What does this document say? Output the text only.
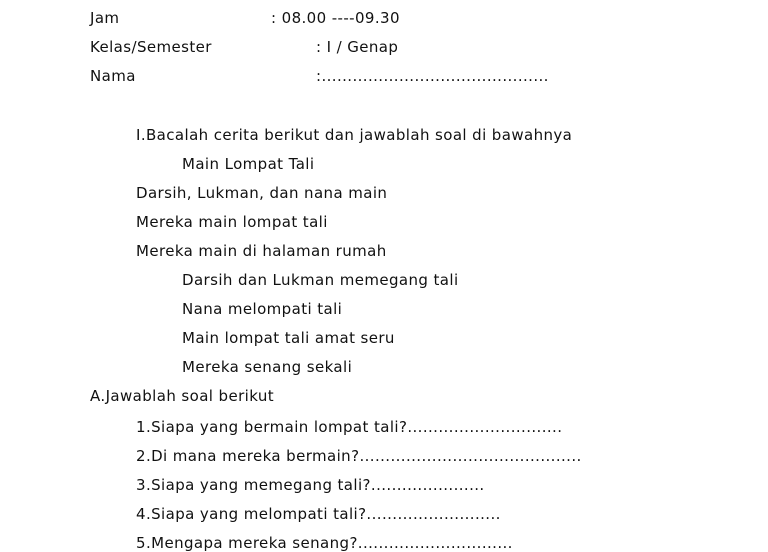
Jam	: 08.00 ----09.30
Kelas/Semester	: I / Genap
Nama	:............................................
I.Bacalah cerita berikut dan jawablah soal di bawahnya
Main Lompat Tali
Darsih, Lukman, dan nana main
Mereka main lompat tali
Mereka main di halaman rumah
Darsih dan Lukman memegang tali
Nana melompati tali
Main lompat tali amat seru
Mereka senang sekali
A.Jawablah soal berikut
1.Siapa yang bermain lompat tali?..............................
2.Di mana mereka bermain?...........................................
3.Siapa yang memegang tali?......................
4.Siapa yang melompati tali?..........................
5.Mengapa mereka senang?..............................
